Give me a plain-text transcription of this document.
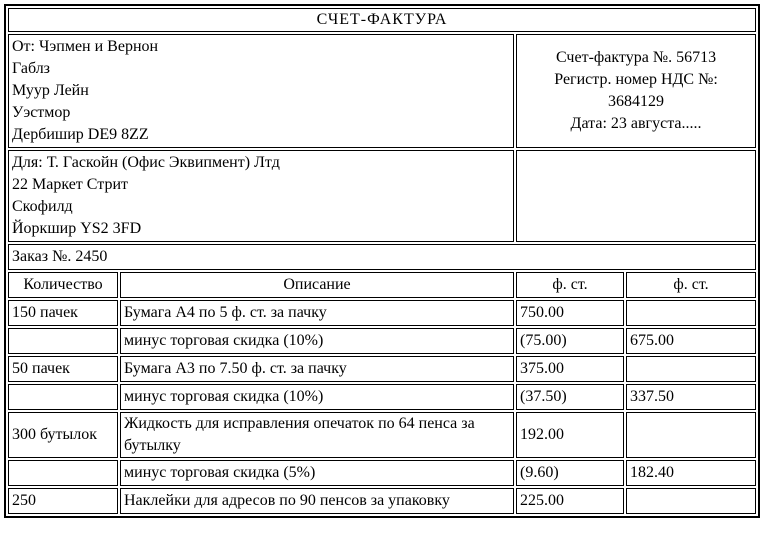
СЧЕТ-ФАКТУРА			

От: Чэпмен и Вернон
Габлз
Муур Лейн
Уэстмор
Дербишир DE9 8ZZ

Счет-фактура №. 56713
Регистр. номер НДС №:
3684129
Дата: 23 августа.....

Для: Т. Гаскойн (Офис Эквипмент) Лтд
22 Маркет Стрит
Скофилд
Йоркшир YS2 3FD			

Заказ №. 2450			
Количество	Описание	ф. ст.	ф. ст.
150 пачек	Бумага А4 по 5 ф. ст. за пачку	750.00	
	минус торговая скидка (10%)	(75.00)	675.00
50 пачек	Бумага А3 по 7.50 ф. ст. за пачку	375.00	
	минус торговая скидка (10%)	(37.50)	337.50
300 бутылок	Жидкость для исправления опечаток по 64 пенса за бутылку	192.00	
	минус торговая скидка (5%)	(9.60)	182.40
250	Наклейки для адресов по 90 пенсов за упаковку	225.00	
